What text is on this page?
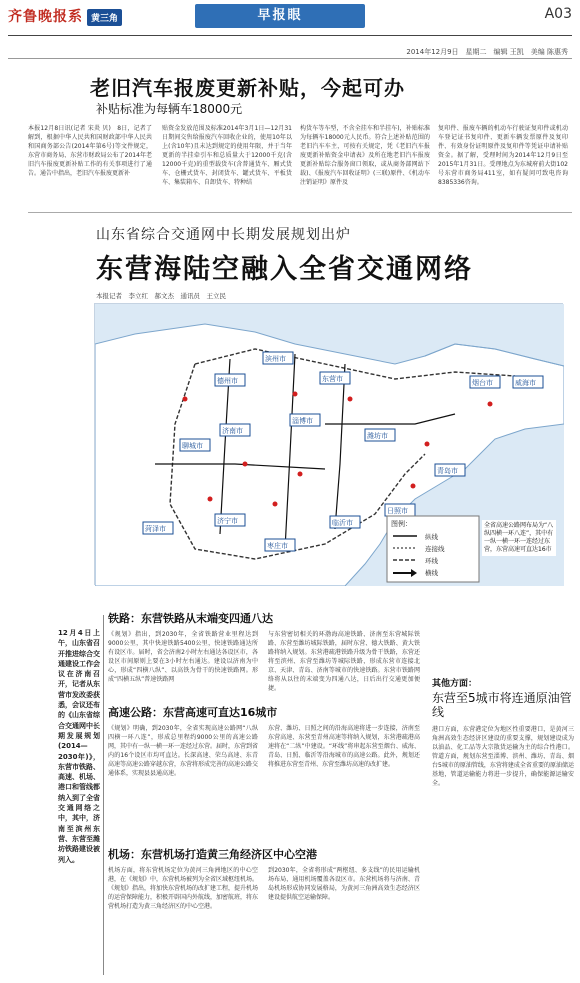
齐鲁晚报系 黄三角	早报眼	A03
2014年12月9日　星期二　编辑 王凯　美编 陈惠秀
老旧汽车报废更新补贴，今起可办
补贴标准为每辆车18000元
本报12月8日讯(记者 宋炎 贝)　8日，记者了解到，根据中华人民共和国财政部中华人民共和国商务部公告(2014年第6号)等文件规定，东营市商务局、东营市财政局公布了2014年老旧汽车报废更新补贴工作的有关事项进行了通告。通告中指出，老旧汽车报废更新补
贴资金发放范围及标准2014年3月1日—12月31日期间交售给报废汽车回收企业的，使用10年以上(含10年)且未达到规定的使用年限，并于当年更新的半挂牵引车和总质量大于12000千克(含12000千克)的重型载货车(含普通货车、厢式货车、仓栅式货车、封闭货车、罐式货车、平板货车、集装箱车、自卸货车、特种结
构货车等车型，不含全挂车和半挂车)，补贴标准为每辆车18000元人民币。符合上述补贴范围的老旧汽车车主，可按有关规定，凭《老旧汽车报废更新补贴资金申请表》及所在地老旧汽车报废更新补贴综合服务窗口领取，或从商务部网站下载)、《报废汽车回收证明》(三联)原件、《机动车注销证明》原件及
复印件、报废车辆的机动车行驶证复印件或机动车登记证书复印件、更新车辆发票原件及复印件、有效身份证明原件及复印件等凭证申请补贴资金。据了解，受理时间为2014年12月9日至2015年1月31日。受理地点为东城府前大街102号东营市商务局411室，如有疑问可致电咨询8385336咨询。
山东省综合交通网中长期发展规划出炉
东营海陆空融入全省交通网络
本报记者　李立红　郝文杰　通讯员　王立民
德州市
济南市
聊城市
滨州市
东营市
淄博市
潍坊市
青岛市
烟台市	威海市
日照市
临沂市
枣庄市
济宁市
菏泽市
图例：
纵线
连接线
环线
横线
全省高速公路网布局为“八纵四横一环八连”，其中有一纵一横一环一连经过东营，东营高速可直达16市
12月4日上午，山东省召开推进综合交通建设工作会议在济南召开，记者从东营市发改委获悉，会议还布的《山东省综合交通网中长期发展规划(2014—2030年)》，东营市铁路、高速、机场、港口和管线都纳入到了全省交通网络之中，其中，济南至滨州东营、东营至潍坊铁路建设被列入。
铁路：东营铁路从末端变四通八达
《规划》指出，到2030年，全省铁路营业里程达到9000公里，其中快速铁路5400公里，快速铁路通达所有设区市。届时，省会济南2小时左右通达各设区市，各设区市间原则上要在3小时左右通达。建设以济南为中心，形成“四横八纵”、以高铁为骨干的快速铁路网。形成“四横五纵”普速铁路网
与东营密切相关的环渤海高速铁路、济南至东营城际铁路、东营至潍坊城际铁路，届时东营、德大铁路、黄大铁路将纳入规划。东营港疏港铁路升级为骨干铁路，东营还将至滨州、东营至潍坊等城际铁路，形成东营市连接北京、天津、青岛、济南等城市的快速铁路。东营市铁路网络将从以往的末端变为四通八达，日后出行交通更加便捷。
高速公路：东营高速可直达16城市
《规划》明确，到2030年，全省实现高速公路网“八纵四横一环八连”，形成总里程约9000公里的高速公路网，其中有一纵一横一环一连经过东营。届时，东营到省内的16个设区市均可直达。长深高速、荣乌高速、东青高速等高速公路穿越东营，东营将形成完善的高速公路交通体系，实现县县通高速。
东营、潍坊、日照之间的沿海高速将进一步连接，济南至东营高速、东营至青州高速等将纳入规划，东营港疏港高速将在“二纵”中建设。“环线”将串起东营至烟台、威海、青岛、日照、临沂等沿海城市的高速公路。此外，规划还将推进东营至青州、东营至潍坊高速的改扩建。
机场：东营机场打造黄三角经济区中心空港
机场方面，将东营机场定位为黄河三角洲地区的中心空港，在《规划》中，东营机场被列为全省区域枢纽机场。《规划》指出，将加快东营机场的改扩建工程，提升机场的运营保障能力，积极开辟国内外航线，加密航班，将东营机场打造为黄三角经济区的中心空港。
到2030年，全省将形成“两枢纽、多支线”的民用运输机场布局，通用机场覆盖各设区市。东营机场将与济南、青岛机场形成协同发展格局，为黄河三角洲高效生态经济区建设提供航空运输保障。
其他方面：
东营至5城市将连通原油管线
港口方面，东营港定位为地区性重要港口，是黄河三角洲高效生态经济区建设的重要支撑，规划建设成为以油品、化工品等大宗散货运输为主的综合性港口。管道方面，规划东营至淄博、滨州、潍坊、青岛、烟台5城市的原油管线，东营将建成全省重要的原油储运基地，管道运输能力将进一步提升，确保能源运输安全。
